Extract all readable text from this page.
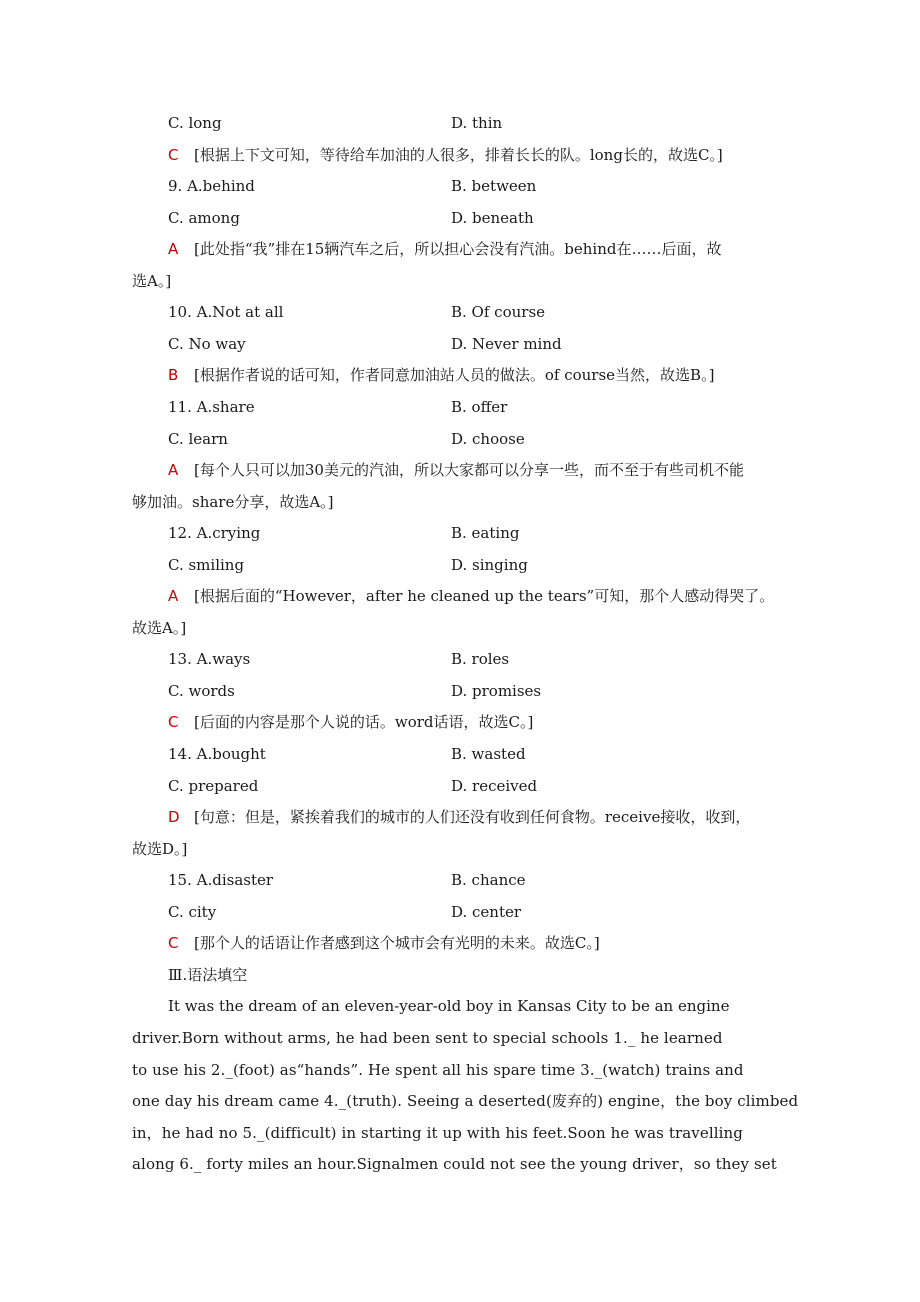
C. long	D. thin
C [根据上下文可知，等待给车加油的人很多，排着长长的队。long长的，故选C。]
9. A.behind	B. between
C. among	D. beneath
A [此处指“我”排在15辆汽车之后，所以担心会没有汽油。behind在……后面，故
选A。]
10. A.Not at all	B. Of course
C. No way	D. Never mind
B [根据作者说的话可知，作者同意加油站人员的做法。of course当然，故选B。]
11. A.share	B. offer
C. learn	D. choose
A [每个人只可以加30美元的汽油，所以大家都可以分享一些，而不至于有些司机不能
够加油。share分享，故选A。]
12. A.crying	B. eating
C. smiling	D. singing
A [根据后面的“However，after he cleaned up the tears”可知，那个人感动得哭了。
故选A。]
13. A.ways	B. roles
C. words	D. promises
C [后面的内容是那个人说的话。word话语，故选C。]
14. A.bought	B. wasted
C. prepared	D. received
D [句意：但是，紧挨着我们的城市的人们还没有收到任何食物。receive接收，收到，
故选D。]
15. A.disaster	B. chance
C. city	D. center
C [那个人的话语让作者感到这个城市会有光明的未来。故选C。]
Ⅲ.语法填空
It was the dream of an eleven-year-old boy in Kansas City to be an engine
driver.Born without arms, he had been sent to special schools 1._ he learned
to use his 2._(foot) as“hands”. He spent all his spare time 3._(watch) trains and
one day his dream came 4._(truth). Seeing a deserted(废弃的) engine，the boy climbed
in，he had no 5._(difficult) in starting it up with his feet.Soon he was travelling
along 6._ forty miles an hour.Signalmen could not see the young driver，so they set
